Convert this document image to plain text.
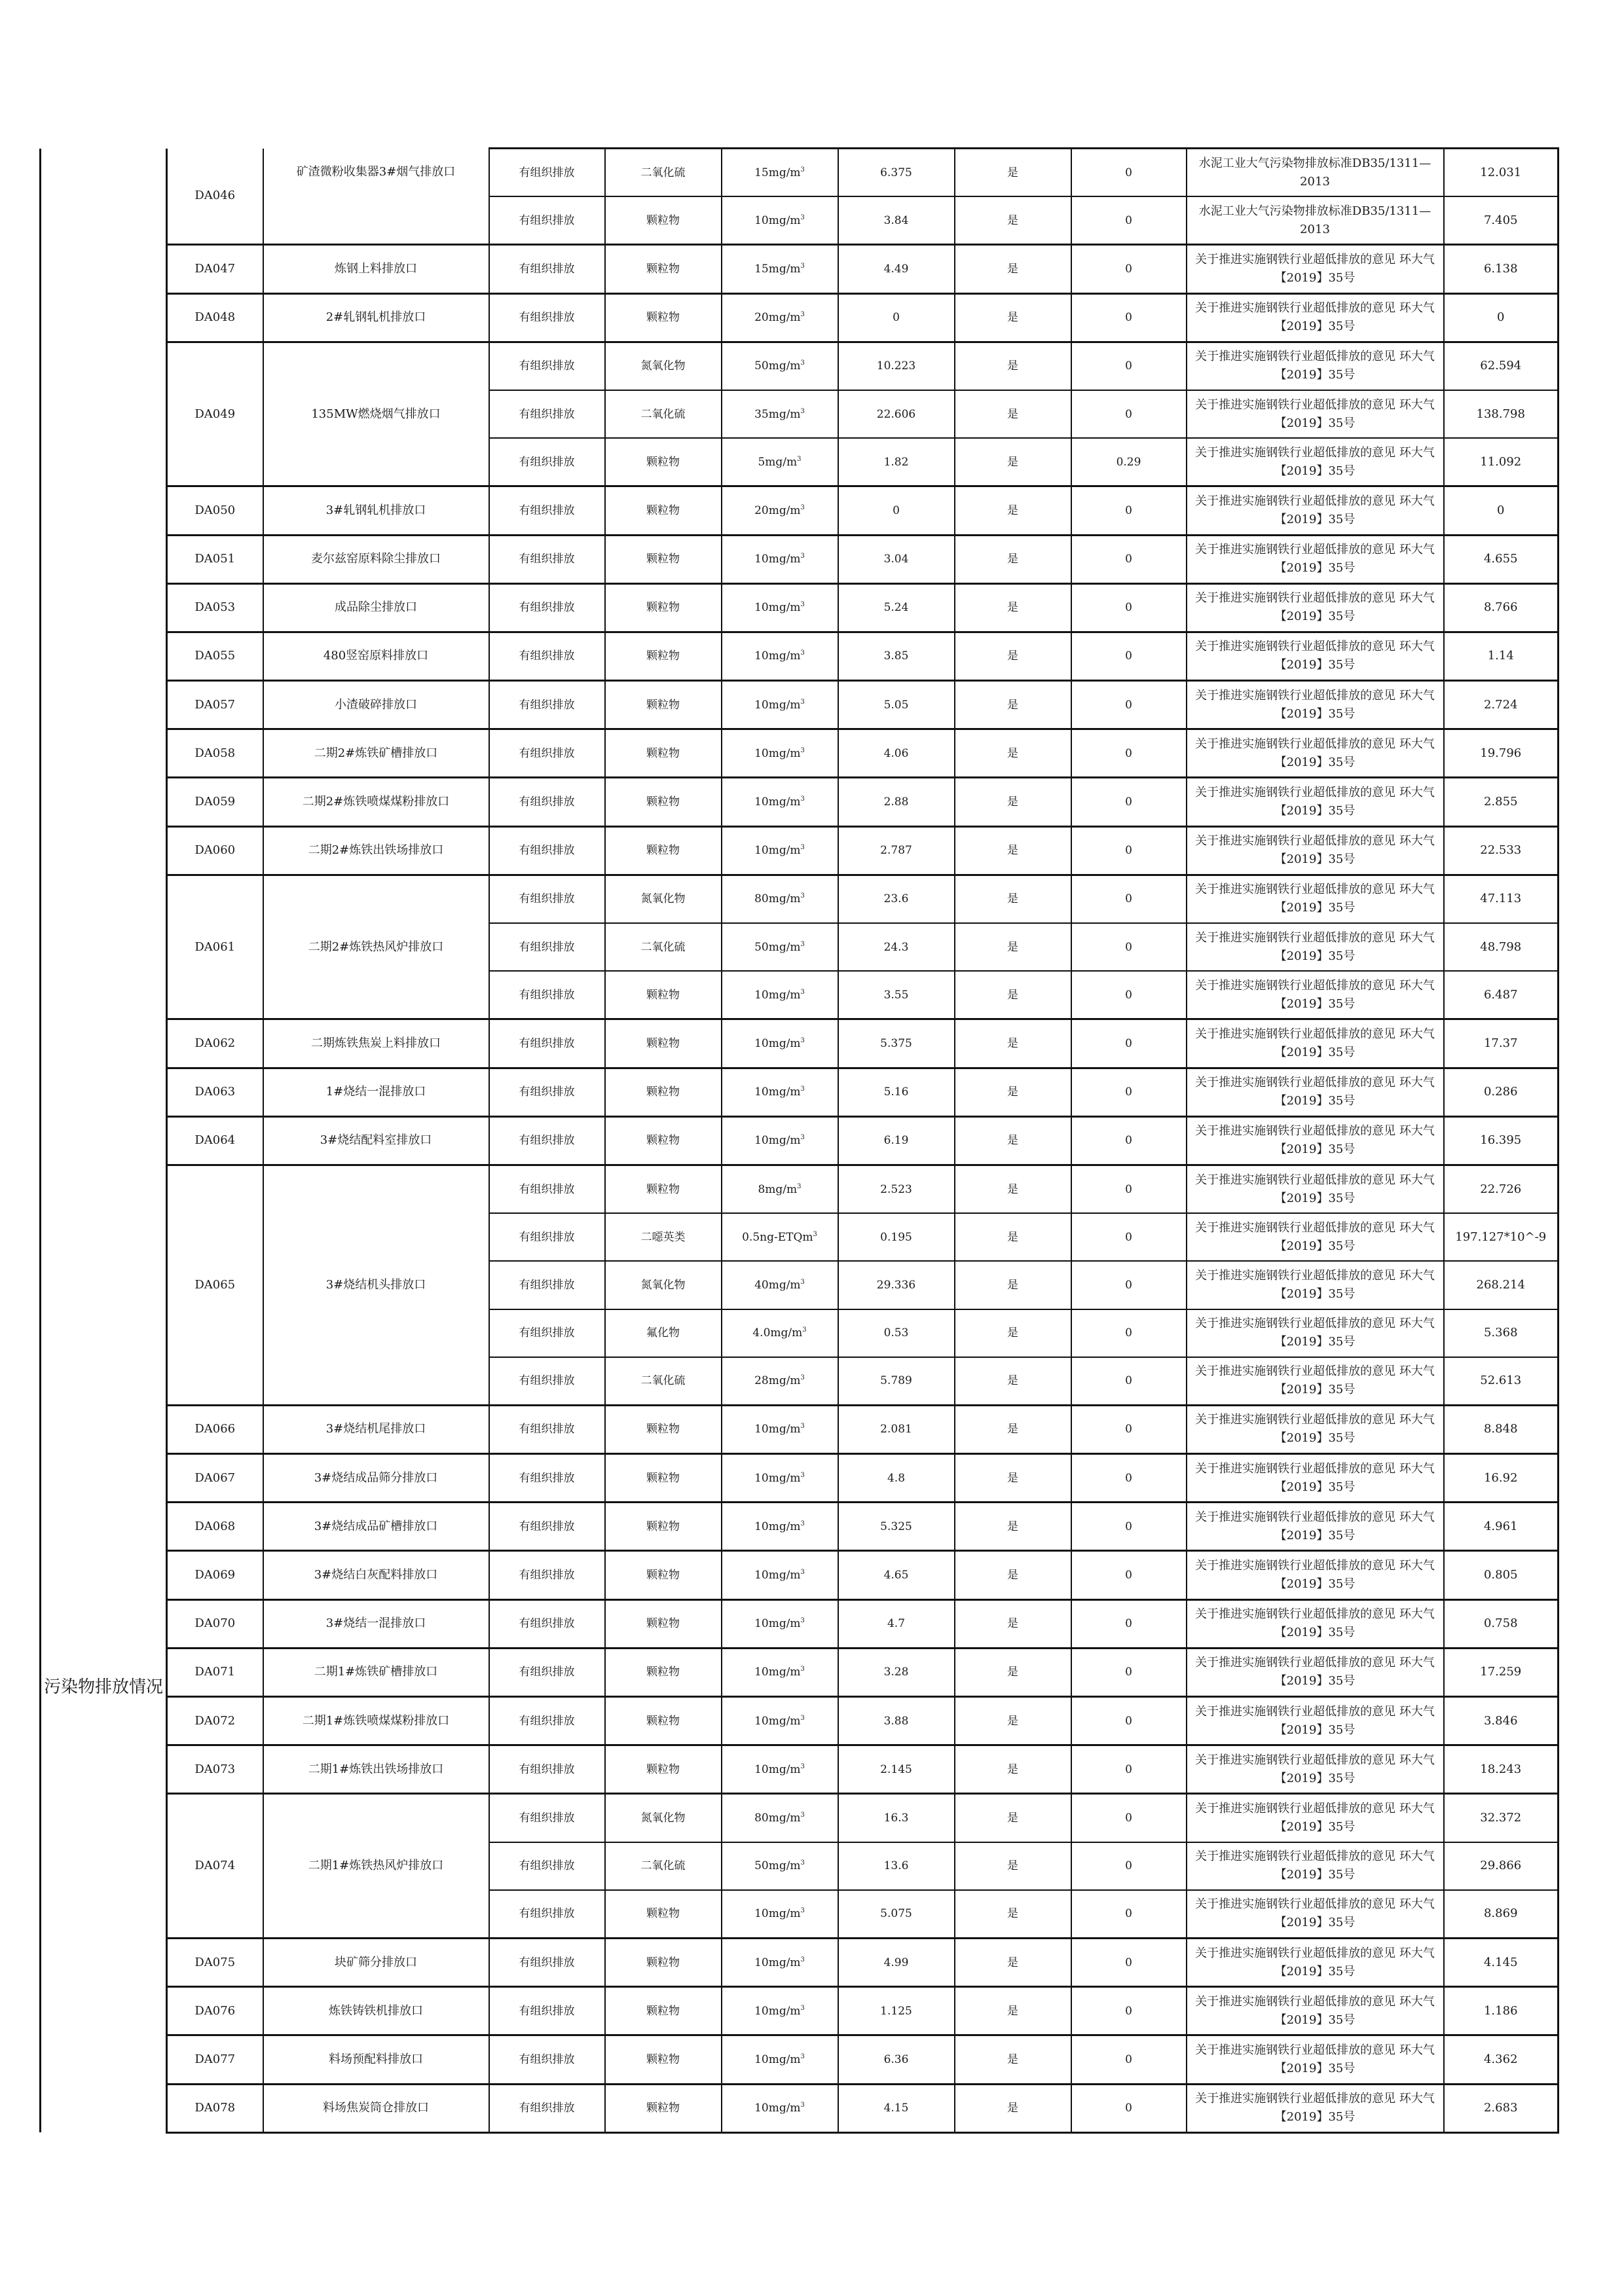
污染物排放情况	DA046	矿渣微粉收集器3#烟气排放口	有组织排放	二氧化硫	$15mg/m^3$	6.375	是	0	水泥工业大气污染物排放标准DB35/1311—2013	12.031
			有组织排放	颗粒物	$10mg/m^3$	3.84	是	0	水泥工业大气污染物排放标准DB35/1311—2013	7.405
	DA047	炼钢上料排放口	有组织排放	颗粒物	$15mg/m^3$	4.49	是	0	关于推进实施钢铁行业超低排放的意见 环大气【2019】35号	6.138
	DA048	2#轧钢轧机排放口	有组织排放	颗粒物	$20mg/m^3$	0	是	0	关于推进实施钢铁行业超低排放的意见 环大气【2019】35号	0
	DA049	135MW燃烧烟气排放口	有组织排放	氮氧化物	$50mg/m^3$	10.223	是	0	关于推进实施钢铁行业超低排放的意见 环大气【2019】35号	62.594
			有组织排放	二氧化硫	$35mg/m^3$	22.606	是	0	关于推进实施钢铁行业超低排放的意见 环大气【2019】35号	138.798
			有组织排放	颗粒物	$5mg/m^3$	1.82	是	0.29	关于推进实施钢铁行业超低排放的意见 环大气【2019】35号	11.092
	DA050	3#轧钢轧机排放口	有组织排放	颗粒物	$20mg/m^3$	0	是	0	关于推进实施钢铁行业超低排放的意见 环大气【2019】35号	0
	DA051	麦尔兹窑原料除尘排放口	有组织排放	颗粒物	$10mg/m^3$	3.04	是	0	关于推进实施钢铁行业超低排放的意见 环大气【2019】35号	4.655
	DA053	成品除尘排放口	有组织排放	颗粒物	$10mg/m^3$	5.24	是	0	关于推进实施钢铁行业超低排放的意见 环大气【2019】35号	8.766
	DA055	480竖窑原料排放口	有组织排放	颗粒物	$10mg/m^3$	3.85	是	0	关于推进实施钢铁行业超低排放的意见 环大气【2019】35号	1.14
	DA057	小渣破碎排放口	有组织排放	颗粒物	$10mg/m^3$	5.05	是	0	关于推进实施钢铁行业超低排放的意见 环大气【2019】35号	2.724
	DA058	二期2#炼铁矿槽排放口	有组织排放	颗粒物	$10mg/m^3$	4.06	是	0	关于推进实施钢铁行业超低排放的意见 环大气【2019】35号	19.796
	DA059	二期2#炼铁喷煤煤粉排放口	有组织排放	颗粒物	$10mg/m^3$	2.88	是	0	关于推进实施钢铁行业超低排放的意见 环大气【2019】35号	2.855
	DA060	二期2#炼铁出铁场排放口	有组织排放	颗粒物	$10mg/m^3$	2.787	是	0	关于推进实施钢铁行业超低排放的意见 环大气【2019】35号	22.533
	DA061	二期2#炼铁热风炉排放口	有组织排放	氮氧化物	$80mg/m^3$	23.6	是	0	关于推进实施钢铁行业超低排放的意见 环大气【2019】35号	47.113
			有组织排放	二氧化硫	$50mg/m^3$	24.3	是	0	关于推进实施钢铁行业超低排放的意见 环大气【2019】35号	48.798
			有组织排放	颗粒物	$10mg/m^3$	3.55	是	0	关于推进实施钢铁行业超低排放的意见 环大气【2019】35号	6.487
	DA062	二期炼铁焦炭上料排放口	有组织排放	颗粒物	$10mg/m^3$	5.375	是	0	关于推进实施钢铁行业超低排放的意见 环大气【2019】35号	17.37
	DA063	1#烧结一混排放口	有组织排放	颗粒物	$10mg/m^3$	5.16	是	0	关于推进实施钢铁行业超低排放的意见 环大气【2019】35号	0.286
	DA064	3#烧结配料室排放口	有组织排放	颗粒物	$10mg/m^3$	6.19	是	0	关于推进实施钢铁行业超低排放的意见 环大气【2019】35号	16.395
	DA065	3#烧结机头排放口	有组织排放	颗粒物	$8mg/m^3$	2.523	是	0	关于推进实施钢铁行业超低排放的意见 环大气【2019】35号	22.726
			有组织排放	二噁英类	0.5ng-ETQm$^3$	0.195	是	0	关于推进实施钢铁行业超低排放的意见 环大气【2019】35号	197.127*10^-9
			有组织排放	氮氧化物	$40mg/m^3$	29.336	是	0	关于推进实施钢铁行业超低排放的意见 环大气【2019】35号	268.214
			有组织排放	氟化物	$4.0mg/m^3$	0.53	是	0	关于推进实施钢铁行业超低排放的意见 环大气【2019】35号	5.368
			有组织排放	二氧化硫	$28mg/m^3$	5.789	是	0	关于推进实施钢铁行业超低排放的意见 环大气【2019】35号	52.613
	DA066	3#烧结机尾排放口	有组织排放	颗粒物	$10mg/m^3$	2.081	是	0	关于推进实施钢铁行业超低排放的意见 环大气【2019】35号	8.848
	DA067	3#烧结成品筛分排放口	有组织排放	颗粒物	$10mg/m^3$	4.8	是	0	关于推进实施钢铁行业超低排放的意见 环大气【2019】35号	16.92
	DA068	3#烧结成品矿槽排放口	有组织排放	颗粒物	$10mg/m^3$	5.325	是	0	关于推进实施钢铁行业超低排放的意见 环大气【2019】35号	4.961
	DA069	3#烧结白灰配料排放口	有组织排放	颗粒物	$10mg/m^3$	4.65	是	0	关于推进实施钢铁行业超低排放的意见 环大气【2019】35号	0.805
	DA070	3#烧结一混排放口	有组织排放	颗粒物	$10mg/m^3$	4.7	是	0	关于推进实施钢铁行业超低排放的意见 环大气【2019】35号	0.758
	DA071	二期1#炼铁矿槽排放口	有组织排放	颗粒物	$10mg/m^3$	3.28	是	0	关于推进实施钢铁行业超低排放的意见 环大气【2019】35号	17.259
	DA072	二期1#炼铁喷煤煤粉排放口	有组织排放	颗粒物	$10mg/m^3$	3.88	是	0	关于推进实施钢铁行业超低排放的意见 环大气【2019】35号	3.846
	DA073	二期1#炼铁出铁场排放口	有组织排放	颗粒物	$10mg/m^3$	2.145	是	0	关于推进实施钢铁行业超低排放的意见 环大气【2019】35号	18.243
	DA074	二期1#炼铁热风炉排放口	有组织排放	氮氧化物	$80mg/m^3$	16.3	是	0	关于推进实施钢铁行业超低排放的意见 环大气【2019】35号	32.372
			有组织排放	二氧化硫	$50mg/m^3$	13.6	是	0	关于推进实施钢铁行业超低排放的意见 环大气【2019】35号	29.866
			有组织排放	颗粒物	$10mg/m^3$	5.075	是	0	关于推进实施钢铁行业超低排放的意见 环大气【2019】35号	8.869
	DA075	块矿筛分排放口	有组织排放	颗粒物	$10mg/m^3$	4.99	是	0	关于推进实施钢铁行业超低排放的意见 环大气【2019】35号	4.145
	DA076	炼铁铸铁机排放口	有组织排放	颗粒物	$10mg/m^3$	1.125	是	0	关于推进实施钢铁行业超低排放的意见 环大气【2019】35号	1.186
	DA077	料场预配料排放口	有组织排放	颗粒物	$10mg/m^3$	6.36	是	0	关于推进实施钢铁行业超低排放的意见 环大气【2019】35号	4.362
	DA078	料场焦炭筒仓排放口	有组织排放	颗粒物	$10mg/m^3$	4.15	是	0	关于推进实施钢铁行业超低排放的意见 环大气【2019】35号	2.683
